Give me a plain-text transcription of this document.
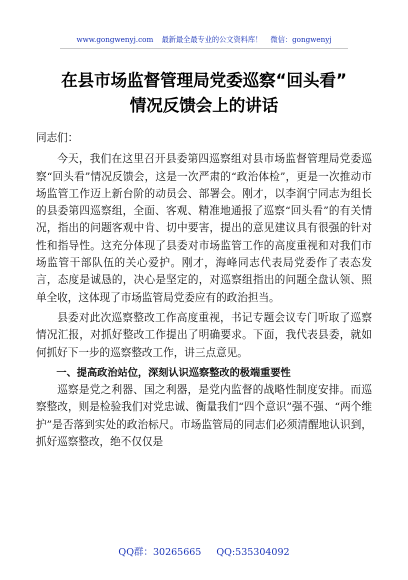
www.gongwenyj.com 最新最全最专业的公文资料库！ 微信：gongwenyj
在县市场监督管理局党委巡察“回头看”
情况反馈会上的讲话

同志们：

今天，我们在这里召开县委第四巡察组对县市场监督管理局党委巡察“回头看”情况反馈会，这是一次严肃的“政治体检”，更是一次推动市场监管工作迈上新台阶的动员会、部署会。刚才，以李润宁同志为组长的县委第四巡察组，全面、客观、精准地通报了巡察“回头看”的有关情况，指出的问题客观中肯、切中要害，提出的意见建议具有很强的针对性和指导性。这充分体现了县委对市场监管工作的高度重视和对我们市场监管干部队伍的关心爱护。刚才，海峰同志代表局党委作了表态发言，态度是诚恳的，决心是坚定的，对巡察组指出的问题全盘认领、照单全收，这体现了市场监管局党委应有的政治担当。

县委对此次巡察整改工作高度重视，书记专题会议专门听取了巡察情况汇报，对抓好整改工作提出了明确要求。下面，我代表县委，就如何抓好下一步的巡察整改工作，讲三点意见。

一、提高政治站位，深刻认识巡察整改的极端重要性

巡察是党之利器、国之利器，是党内监督的战略性制度安排。而巡察整改，则是检验我们对党忠诚、衡量我们“四个意识”强不强、“两个维护”是否落到实处的政治标尺。市场监管局的同志们必须清醒地认识到，抓好巡察整改，绝不仅仅是

QQ群：30265665 QQ:535304092
